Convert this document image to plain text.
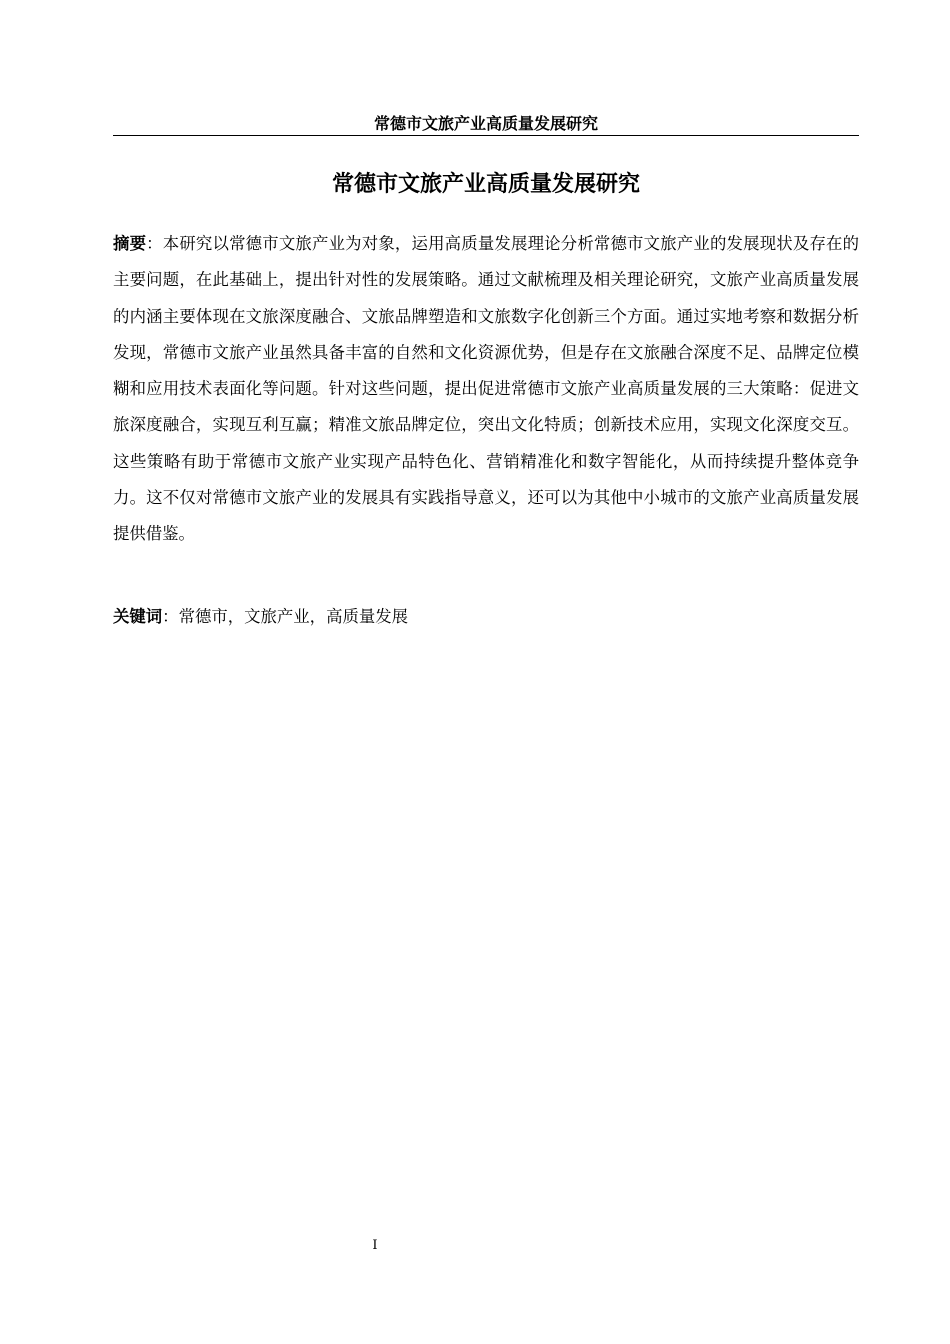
常德市文旅产业高质量发展研究
常德市文旅产业高质量发展研究

摘要：本研究以常德市文旅产业为对象，运用高质量发展理论分析常德市文旅产业的发展现状及存在的主要问题，在此基础上，提出针对性的发展策略。通过文献梳理及相关理论研究，文旅产业高质量发展的内涵主要体现在文旅深度融合、文旅品牌塑造和文旅数字化创新三个方面。通过实地考察和数据分析发现，常德市文旅产业虽然具备丰富的自然和文化资源优势，但是存在文旅融合深度不足、品牌定位模糊和应用技术表面化等问题。针对这些问题，提出促进常德市文旅产业高质量发展的三大策略：促进文旅深度融合，实现互利互赢；精准文旅品牌定位，突出文化特质；创新技术应用，实现文化深度交互。这些策略有助于常德市文旅产业实现产品特色化、营销精准化和数字智能化，从而持续提升整体竞争力。这不仅对常德市文旅产业的发展具有实践指导意义，还可以为其他中小城市的文旅产业高质量发展提供借鉴。

关键词：常德市，文旅产业，高质量发展

I
